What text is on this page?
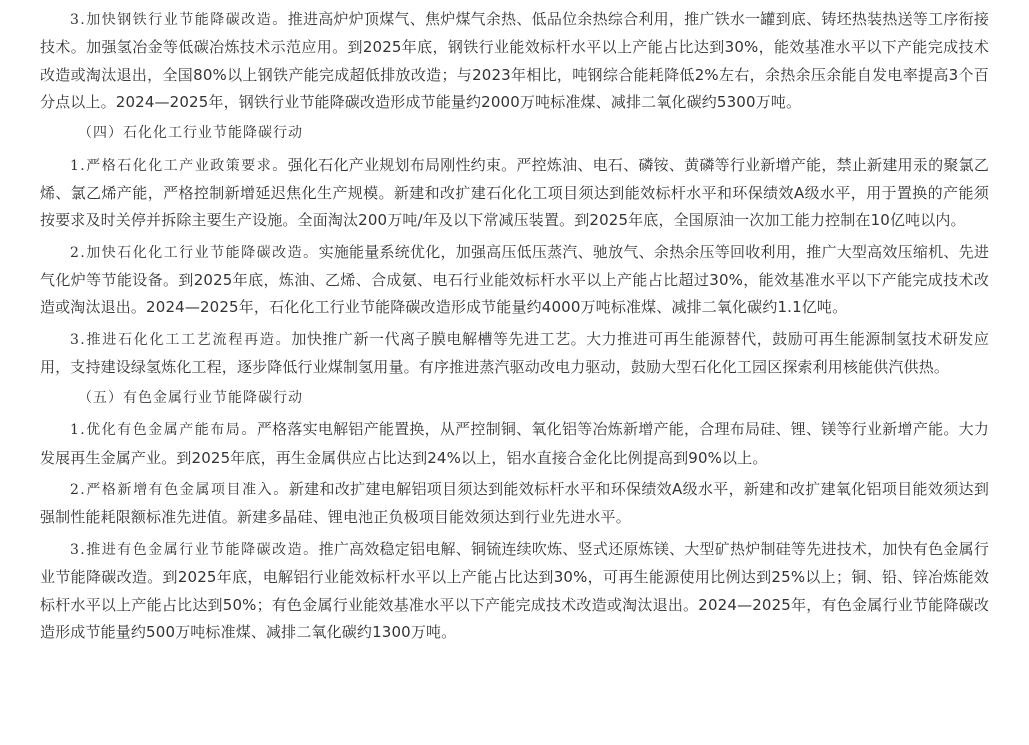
3.加快钢铁行业节能降碳改造。推进高炉炉顶煤气、焦炉煤气余热、低品位余热综合利用，推广铁水一罐到底、铸坯热装热送等工序衔接技术。加强氢冶金等低碳冶炼技术示范应用。到2025年底，钢铁行业能效标杆水平以上产能占比达到30%，能效基准水平以下产能完成技术改造或淘汰退出，全国80%以上钢铁产能完成超低排放改造；与2023年相比，吨钢综合能耗降低2%左右，余热余压余能自发电率提高3个百分点以上。2024—2025年，钢铁行业节能降碳改造形成节能量约2000万吨标准煤、减排二氧化碳约5300万吨。

（四）石化化工行业节能降碳行动

1.严格石化化工产业政策要求。强化石化产业规划布局刚性约束。严控炼油、电石、磷铵、黄磷等行业新增产能，禁止新建用汞的聚氯乙烯、氯乙烯产能，严格控制新增延迟焦化生产规模。新建和改扩建石化化工项目须达到能效标杆水平和环保绩效A级水平，用于置换的产能须按要求及时关停并拆除主要生产设施。全面淘汰200万吨/年及以下常减压装置。到2025年底，全国原油一次加工能力控制在10亿吨以内。

2.加快石化化工行业节能降碳改造。实施能量系统优化，加强高压低压蒸汽、驰放气、余热余压等回收利用，推广大型高效压缩机、先进气化炉等节能设备。到2025年底，炼油、乙烯、合成氨、电石行业能效标杆水平以上产能占比超过30%，能效基准水平以下产能完成技术改造或淘汰退出。2024—2025年，石化化工行业节能降碳改造形成节能量约4000万吨标准煤、减排二氧化碳约1.1亿吨。

3.推进石化化工工艺流程再造。加快推广新一代离子膜电解槽等先进工艺。大力推进可再生能源替代，鼓励可再生能源制氢技术研发应用，支持建设绿氢炼化工程，逐步降低行业煤制氢用量。有序推进蒸汽驱动改电力驱动，鼓励大型石化化工园区探索利用核能供汽供热。

（五）有色金属行业节能降碳行动

1.优化有色金属产能布局。严格落实电解铝产能置换，从严控制铜、氧化铝等冶炼新增产能，合理布局硅、锂、镁等行业新增产能。大力发展再生金属产业。到2025年底，再生金属供应占比达到24%以上，铝水直接合金化比例提高到90%以上。

2.严格新增有色金属项目准入。新建和改扩建电解铝项目须达到能效标杆水平和环保绩效A级水平，新建和改扩建氧化铝项目能效须达到强制性能耗限额标准先进值。新建多晶硅、锂电池正负极项目能效须达到行业先进水平。

3.推进有色金属行业节能降碳改造。推广高效稳定铝电解、铜锍连续吹炼、竖式还原炼镁、大型矿热炉制硅等先进技术，加快有色金属行业节能降碳改造。到2025年底，电解铝行业能效标杆水平以上产能占比达到30%，可再生能源使用比例达到25%以上；铜、铅、锌冶炼能效标杆水平以上产能占比达到50%；有色金属行业能效基准水平以下产能完成技术改造或淘汰退出。2024—2025年，有色金属行业节能降碳改造形成节能量约500万吨标准煤、减排二氧化碳约1300万吨。
